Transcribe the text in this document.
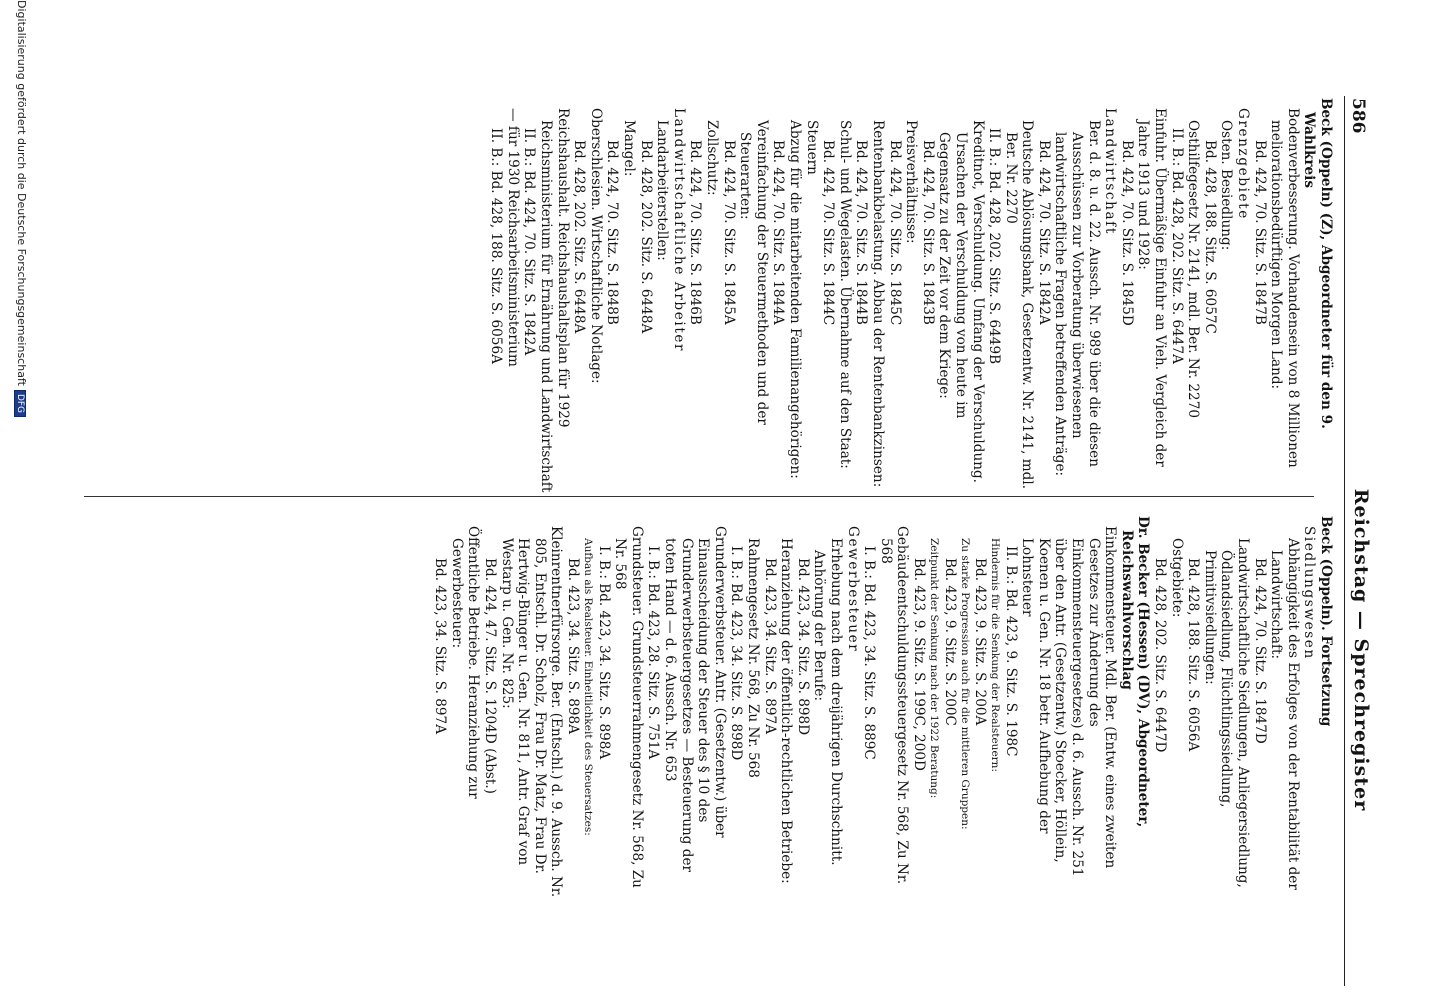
586
Reichstag — Sprechregister
Beck (Oppeln) (Z), Abgeordneter für den 9. Wahlkreis
Bodenverbesserung. Vorhandensein von 8 Millionen meliorationsbedürftigen Morgen Land:
Bd. 424, 70. Sitz. S. 1847B
Grenzgebiete
Osten. Besiedlung:
Bd. 428, 188. Sitz. S. 6057C
Osthilfegesetz Nr. 2141, mdl. Ber. Nr. 2270
II. B.: Bd. 428, 202. Sitz. S. 6447A
Einfuhr. Übermäßige Einfuhr an Vieh. Vergleich der Jahre 1913 und 1928:
Bd. 424, 70. Sitz. S. 1845D
Landwirtschaft
Ber. d. 8. u. d. 22. Aussch. Nr. 989 über die diesen Ausschüssen zur Vorberatung überwiesenen landwirtschaftliche Fragen betreffenden Anträge:
Bd. 424, 70. Sitz. S. 1842A
Deutsche Ablösungsbank, Gesetzentw. Nr. 2141, mdl. Ber. Nr. 2270
II. B.: Bd. 428, 202. Sitz. S. 6449B
Kreditnot, Verschuldung. Umfang der Verschuldung. Ursachen der Verschuldung von heute im Gegensatz zu der Zeit vor dem Kriege:
Bd. 424, 70. Sitz. S. 1843B
Preisverhältnisse:
Bd. 424, 70. Sitz. S. 1845C
Rentenbankbelastung. Abbau der Rentenbankzinsen:
Bd. 424, 70. Sitz. S. 1844B
Schul- und Wegelasten. Übernahme auf den Staat:
Bd. 424, 70. Sitz. S. 1844C
Steuern
Abzug für die mitarbeitenden Familienangehörigen:
Bd. 424, 70. Sitz. S. 1844A
Vereinfachung der Steuermethoden und der Steuerarten:
Bd. 424, 70. Sitz. S. 1845A
Zollschutz:
Bd. 424, 70. Sitz. S. 1846B
Landwirtschaftliche Arbeiter
Landarbeiterstellen:
Bd. 428, 202. Sitz. S. 6448A
Mangel:
Bd. 424, 70. Sitz. S. 1848B
Oberschlesien. Wirtschaftliche Notlage:
Bd. 428, 202. Sitz. S. 6448A
Reichshaushalt. Reichshaushaltsplan für 1929 Reichsministerium für Ernährung und Landwirtschaft
II. B.: Bd. 424, 70. Sitz. S. 1842A
— für 1930 Reichsarbeitsministerium
II. B.: Bd. 428, 188. Sitz. S. 6056A
Beck (Oppeln). Fortsetzung
Siedlungswesen
Abhängigkeit des Erfolges von der Rentabilität der Landwirtschaft:
Bd. 424, 70. Sitz. S. 1847D
Landwirtschaftliche Siedlungen, Anliegersiedlung, Ödlandsiedlung, Flüchtlingssiedlung, Primitivsiedlungen:
Bd. 428, 188. Sitz. S. 6056A
Ostgebiete:
Bd. 428, 202. Sitz. S. 6447D
Dr. Becker (Hessen) (DV), Abgeordneter, Reichswahlvorschlag
Einkommensteuer. Mdl. Ber. (Entw. eines zweiten Gesetzes zur Änderung des Einkommensteuergesetzes) d. 6. Aussch. Nr. 251 über den Antr. (Gesetzentw.) Stoecker, Höllein, Koenen u. Gen. Nr. 18 betr. Aufhebung der Lohnsteuer
II. B.: Bd. 423, 9. Sitz. S. 198C
Hindernis für die Senkung der Realsteuern:
Bd. 423, 9. Sitz. S. 200A
Zu starke Progression auch für die mittleren Gruppen:
Bd. 423, 9. Sitz. S. 200C
Zeitpunkt der Senkung nach der 1922 Beratung:
Bd. 423, 9. Sitz. S. 199C, 200D
Gebäudeentschuldungssteuergesetz Nr. 568, Zu Nr. 568
I. B.: Bd. 423, 34. Sitz. S. 889C
Gewerbesteuer
Erhebung nach dem dreijährigen Durchschnitt. Anhörung der Berufe:
Bd. 423, 34. Sitz. S. 898D
Heranziehung der öffentlich-rechtlichen Betriebe:
Bd. 423, 34. Sitz. S. 897A
Rahmengesetz Nr. 568, Zu Nr. 568
I. B.: Bd. 423, 34. Sitz. S. 898D
Grunderwerbsteuer. Antr. (Gesetzentw.) über Einausscheidung der Steuer des § 10 des Grunderwerbsteuergesetzes — Besteuerung der toten Hand — d. 6. Aussch. Nr. 653
I. B.: Bd. 423, 28. Sitz. S. 751A
Grundsteuer. Grundsteuerrahmengesetz Nr. 568, Zu Nr. 568
I. B.: Bd. 423, 34. Sitz. S. 898A
Aufbau als Realsteuer. Einheitlichkeit des Steuersatzes:
Bd. 423, 34. Sitz. S. 898A
Kleinrentnerfürsorge. Ber. (Entschl.) d. 9. Aussch. Nr. 805, Entschl. Dr. Scholz, Frau Dr. Matz, Frau Dr. Hertwig-Bünger u. Gen. Nr. 811, Antr. Graf von Westarp u. Gen. Nr. 825:
Bd. 424, 47. Sitz. S. 1204D (Abst.)
Öffentliche Betriebe. Heranziehung zur Gewerbesteuer:
Bd. 423, 34. Sitz. S. 897A
Digitalisierung gefördert durch die Deutsche ForschungsgemeinschaftDFG
